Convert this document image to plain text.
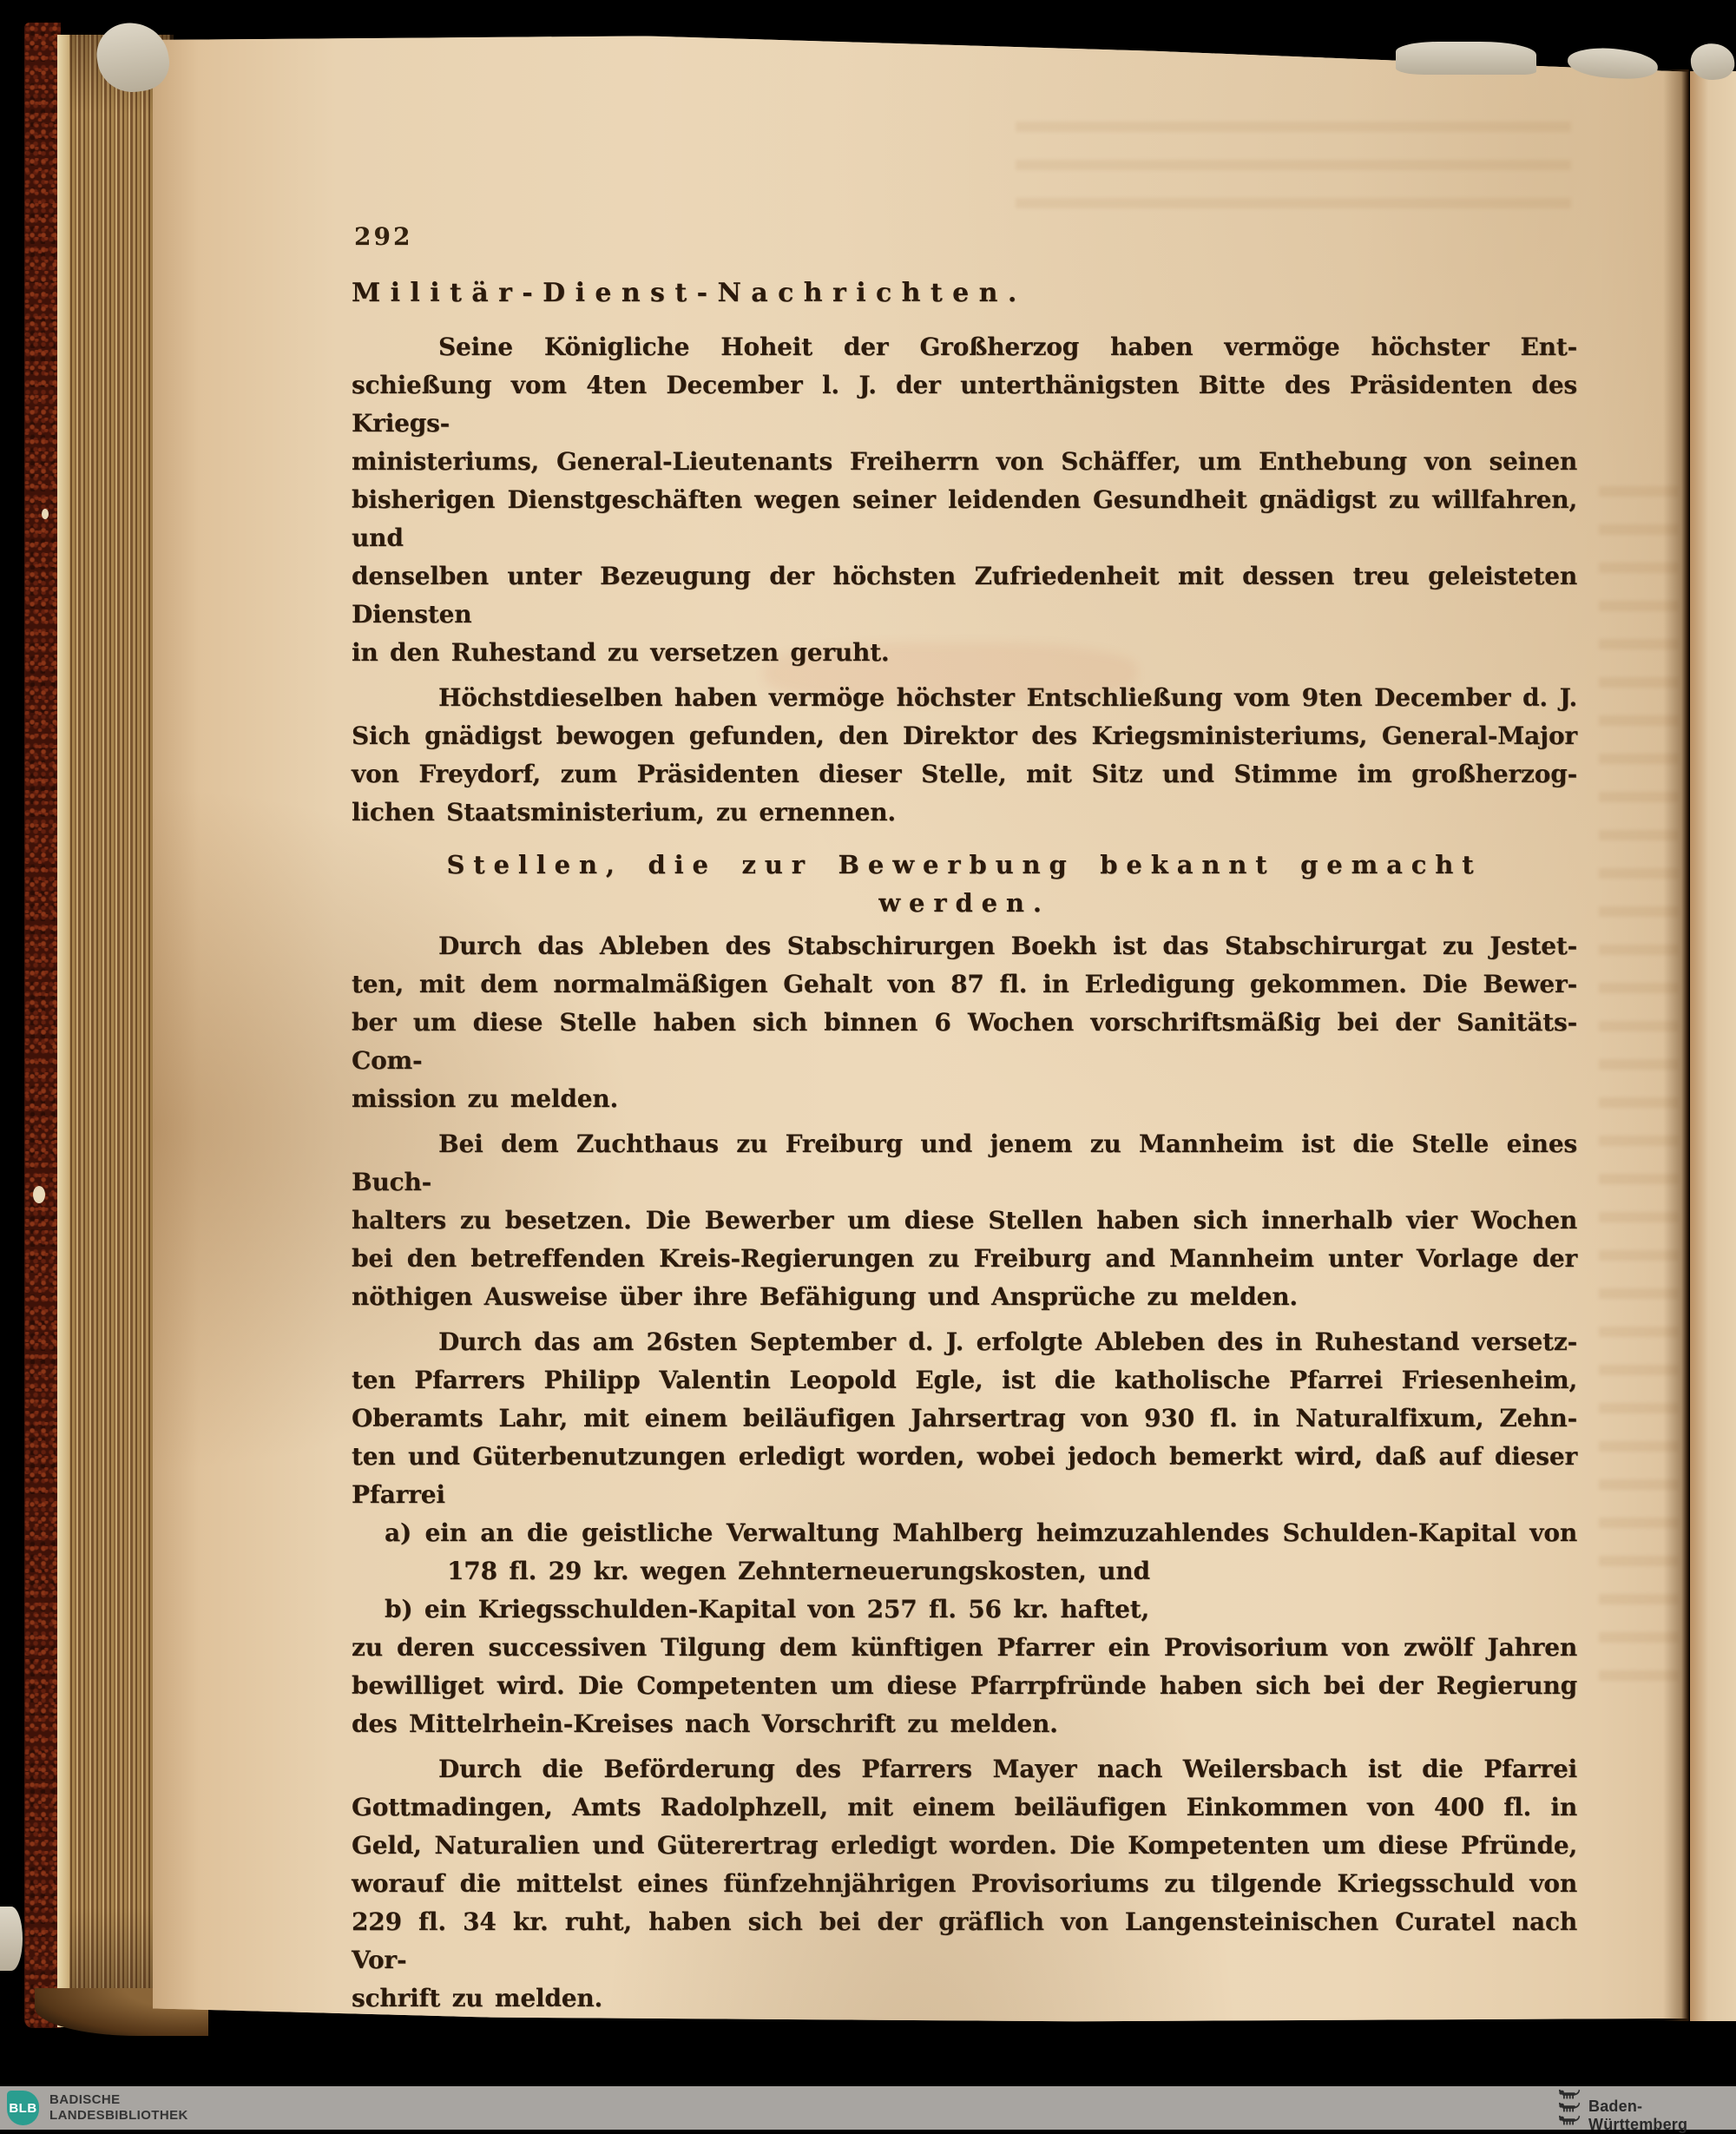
292
Militär-Dienst-Nachrichten.
Seine Königliche Hoheit der Großherzog haben vermöge höchster Ent-
schießung vom 4ten December l. J. der unterthänigsten Bitte des Präsidenten des Kriegs-
ministeriums, General-Lieutenants Freiherrn von Schäffer, um Enthebung von seinen
bisherigen Dienstgeschäften wegen seiner leidenden Gesundheit gnädigst zu willfahren, und
denselben unter Bezeugung der höchsten Zufriedenheit mit dessen treu geleisteten Diensten
in den Ruhestand zu versetzen geruht.
Höchstdieselben haben vermöge höchster Entschließung vom 9ten December d. J.
Sich gnädigst bewogen gefunden, den Direktor des Kriegsministeriums, General-Major
von Freydorf, zum Präsidenten dieser Stelle, mit Sitz und Stimme im großherzog-
lichen Staatsministerium, zu ernennen.
Stellen, die zur Bewerbung bekannt gemacht werden.
Durch das Ableben des Stabschirurgen Boekh ist das Stabschirurgat zu Jestet-
ten, mit dem normalmäßigen Gehalt von 87 fl. in Erledigung gekommen. Die Bewer-
ber um diese Stelle haben sich binnen 6 Wochen vorschriftsmäßig bei der Sanitäts-Com-
mission zu melden.
Bei dem Zuchthaus zu Freiburg und jenem zu Mannheim ist die Stelle eines Buch-
halters zu besetzen. Die Bewerber um diese Stellen haben sich innerhalb vier Wochen
bei den betreffenden Kreis-Regierungen zu Freiburg and Mannheim unter Vorlage der
nöthigen Ausweise über ihre Befähigung und Ansprüche zu melden.
Durch das am 26sten September d. J. erfolgte Ableben des in Ruhestand versetz-
ten Pfarrers Philipp Valentin Leopold Egle, ist die katholische Pfarrei Friesenheim,
Oberamts Lahr, mit einem beiläufigen Jahrsertrag von 930 fl. in Naturalfixum, Zehn-
ten und Güterbenutzungen erledigt worden, wobei jedoch bemerkt wird, daß auf dieser
Pfarrei
a) ein an die geistliche Verwaltung Mahlberg heimzuzahlendes Schulden-Kapital von
178 fl. 29 kr. wegen Zehnterneuerungskosten, und
b) ein Kriegsschulden-Kapital von 257 fl. 56 kr. haftet,
zu deren successiven Tilgung dem künftigen Pfarrer ein Provisorium von zwölf Jahren
bewilliget wird. Die Competenten um diese Pfarrpfründe haben sich bei der Regierung
des Mittelrhein-Kreises nach Vorschrift zu melden.
Durch die Beförderung des Pfarrers Mayer nach Weilersbach ist die Pfarrei
Gottmadingen, Amts Radolphzell, mit einem beiläufigen Einkommen von 400 fl. in
Geld, Naturalien und Güterertrag erledigt worden. Die Kompetenten um diese Pfründe,
worauf die mittelst eines fünfzehnjährigen Provisoriums zu tilgende Kriegsschuld von
229 fl. 34 kr. ruht, haben sich bei der gräflich von Langensteinischen Curatel nach Vor-
schrift zu melden.
BLB
BADISCHE
LANDESBIBLIOTHEK
Baden-Württemberg
